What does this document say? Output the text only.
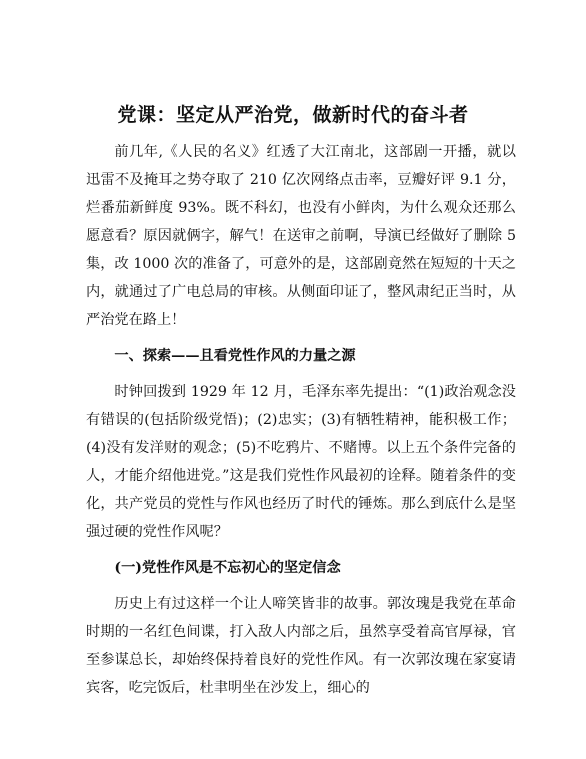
党课：坚定从严治党，做新时代的奋斗者

前几年,《人民的名义》红透了大江南北，这部剧一开播，就以迅雷不及掩耳之势夺取了 210 亿次网络点击率，豆瓣好评 9.1 分，烂番茄新鲜度 93%。既不科幻，也没有小鲜肉，为什么观众还那么愿意看？原因就俩字，解气！在送审之前啊，导演已经做好了删除 5 集，改 1000 次的准备了，可意外的是，这部剧竟然在短短的十天之内，就通过了广电总局的审核。从侧面印证了，整风肃纪正当时，从严治党在路上！

一、探索——且看党性作风的力量之源

时钟回拨到 1929 年 12 月，毛泽东率先提出：“(1)政治观念没有错误的(包括阶级党悟)；(2)忠实；(3)有牺牲精神，能积极工作；(4)没有发洋财的观念；(5)不吃鸦片、不赌博。以上五个条件完备的人，才能介绍他进党。”这是我们党性作风最初的诠释。随着条件的变化，共产党员的党性与作风也经历了时代的锤炼。那么到底什么是坚强过硬的党性作风呢？

(一)党性作风是不忘初心的坚定信念

历史上有过这样一个让人啼笑皆非的故事。郭汝瑰是我党在革命时期的一名红色间谍，打入敌人内部之后，虽然享受着高官厚禄，官至参谋总长，却始终保持着良好的党性作风。有一次郭汝瑰在家宴请宾客，吃完饭后，杜聿明坐在沙发上，细心的
